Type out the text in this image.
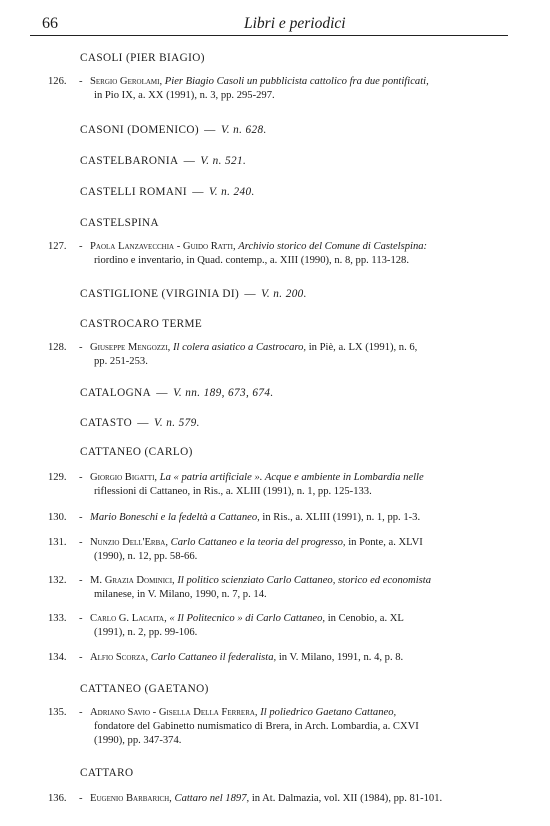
66	Libri e periodici
CASOLI (PIER BIAGIO)
126. - Sergio Gerolami, Pier Biagio Casoli un pubblicista cattolico fra due pontificati,
in Pio IX, a. XX (1991), n. 3, pp. 295-297.
CASONI (DOMENICO) — V. n. 628.
CASTELBARONIA — V. n. 521.
CASTELLI ROMANI — V. n. 240.
CASTELSPINA
127. - Paola Lanzavecchia - Guido Ratti, Archivio storico del Comune di Castelspina:
riordino e inventario, in Quad. contemp., a. XIII (1990), n. 8, pp. 113-128.
CASTIGLIONE (VIRGINIA DI) — V. n. 200.
CASTROCARO TERME
128. - Giuseppe Mengozzi, Il colera asiatico a Castrocaro, in Piè, a. LX (1991), n. 6,
pp. 251-253.
CATALOGNA — V. nn. 189, 673, 674.
CATASTO — V. n. 579.
CATTANEO (CARLO)
129. - Giorgio Bigatti, La « patria artificiale ». Acque e ambiente in Lombardia nelle
riflessioni di Cattaneo, in Ris., a. XLIII (1991), n. 1, pp. 125-133.
130. - Mario Boneschi e la fedeltà a Cattaneo, in Ris., a. XLIII (1991), n. 1, pp. 1-3.
131. - Nunzio Dell'Erba, Carlo Cattaneo e la teoria del progresso, in Ponte, a. XLVI
(1990), n. 12, pp. 58-66.
132. - M. Grazia Dominici, Il politico scienziato Carlo Cattaneo, storico ed economista
milanese, in V. Milano, 1990, n. 7, p. 14.
133. - Carlo G. Lacaita, « Il Politecnico » di Carlo Cattaneo, in Cenobio, a. XL
(1991), n. 2, pp. 99-106.
134. - Alfio Scorza, Carlo Cattaneo il federalista, in V. Milano, 1991, n. 4, p. 8.
CATTANEO (GAETANO)
135. - Adriano Savio - Gisella Della Ferrera, Il poliedrico Gaetano Cattaneo,
fondatore del Gabinetto numismatico di Brera, in Arch. Lombardia, a. CXVI
(1990), pp. 347-374.
CATTARO
136. - Eugenio Barbarich, Cattaro nel 1897, in At. Dalmazia, vol. XII (1984), pp. 81-101.
